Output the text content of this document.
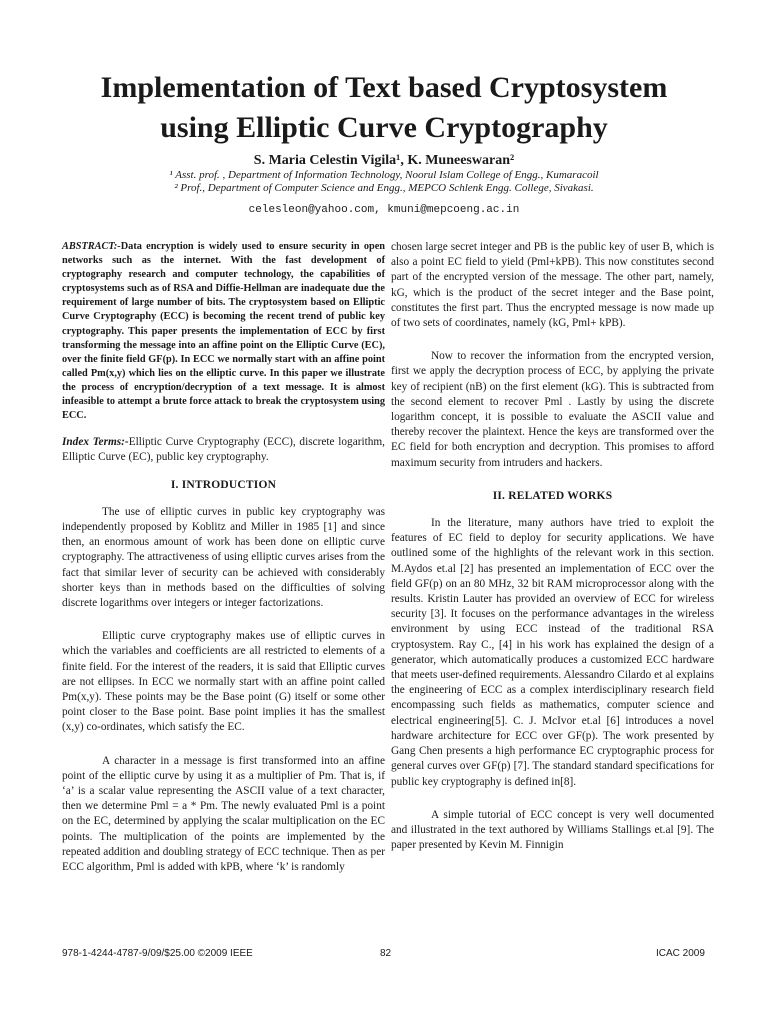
Implementation of Text based Cryptosystem
using Elliptic Curve Cryptography
S. Maria Celestin Vigila¹, K. Muneeswaran²
¹ Asst. prof. , Department of Information Technology, Noorul Islam College of Engg., Kumaracoil
² Prof., Department of Computer Science and Engg., MEPCO Schlenk Engg. College, Sivakasi.
celesleon@yahoo.com, kmuni@mepcoeng.ac.in

ABSTRACT:-Data encryption is widely used to ensure security in open networks such as the internet. With the fast development of cryptography research and computer technology, the capabilities of cryptosystems such as of RSA and Diffie-Hellman are inadequate due the requirement of large number of bits. The cryptosystem based on Elliptic Curve Cryptography (ECC) is becoming the recent trend of public key cryptography. This paper presents the implementation of ECC by first transforming the message into an affine point on the Elliptic Curve (EC), over the finite field GF(p). In ECC we normally start with an affine point called Pm(x,y) which lies on the elliptic curve. In this paper we illustrate the process of encryption/decryption of a text message. It is almost infeasible to attempt a brute force attack to break the cryptosystem using ECC.

Index Terms:-Elliptic Curve Cryptography (ECC), discrete logarithm, Elliptic Curve (EC), public key cryptography.

I. INTRODUCTION

The use of elliptic curves in public key cryptography was independently proposed by Koblitz and Miller in 1985 [1] and since then, an enormous amount of work has been done on elliptic curve cryptography. The attractiveness of using elliptic curves arises from the fact that similar lever of security can be achieved with considerably shorter keys than in methods based on the difficulties of solving discrete logarithms over integers or integer factorizations.

Elliptic curve cryptography makes use of elliptic curves in which the variables and coefficients are all restricted to elements of a finite field. For the interest of the readers, it is said that Elliptic curves are not ellipses. In ECC we normally start with an affine point called Pm(x,y). These points may be the Base point (G) itself or some other point closer to the Base point. Base point implies it has the smallest (x,y) co-ordinates, which satisfy the EC.

A character in a message is first transformed into an affine point of the elliptic curve by using it as a multiplier of Pm. That is, if ‘a’ is a scalar value representing the ASCII value of a text character, then we determine Pml = a * Pm. The newly evaluated Pml is a point on the EC, determined by applying the scalar multiplication on the EC points. The multiplication of the points are implemented by the repeated addition and doubling strategy of ECC technique. Then as per ECC algorithm, Pml is added with kPB, where ‘k’ is randomly

chosen large secret integer and PB is the public key of user B, which is also a point EC field to yield (Pml+kPB). This now constitutes second part of the encrypted version of the message. The other part, namely, kG, which is the product of the secret integer and the Base point, constitutes the first part. Thus the encrypted message is now made up of two sets of coordinates, namely (kG, Pml+ kPB).

Now to recover the information from the encrypted version, first we apply the decryption process of ECC, by applying the private key of recipient (nB) on the first element (kG). This is subtracted from the second element to recover Pml . Lastly by using the discrete logarithm concept, it is possible to evaluate the ASCII value and thereby recover the plaintext. Hence the keys are transformed over the EC field for both encryption and decryption. This promises to afford maximum security from intruders and hackers.

II. RELATED WORKS

In the literature, many authors have tried to exploit the features of EC field to deploy for security applications. We have outlined some of the highlights of the relevant work in this section. M.Aydos et.al [2] has presented an implementation of ECC over the field GF(p) on an 80 MHz, 32 bit RAM microprocessor along with the results. Kristin Lauter has provided an overview of ECC for wireless security [3]. It focuses on the performance advantages in the wireless environment by using ECC instead of the traditional RSA cryptosystem. Ray C., [4] in his work has explained the design of a generator, which automatically produces a customized ECC hardware that meets user-defined requirements. Alessandro Cilardo et al explains the engineering of ECC as a complex interdisciplinary research field encompassing such fields as mathematics, computer science and electrical engineering[5]. C. J. McIvor et.al [6] introduces a novel hardware architecture for ECC over GF(p). The work presented by Gang Chen presents a high performance EC cryptographic process for general curves over GF(p) [7]. The standard standard specifications for public key cryptography is defined in[8].

A simple tutorial of ECC concept is very well documented and illustrated in the text authored by Williams Stallings et.al [9]. The paper presented by Kevin M. Finnigin

978-1-4244-4787-9/09/$25.00 ©2009 IEEE	82	ICAC 2009
